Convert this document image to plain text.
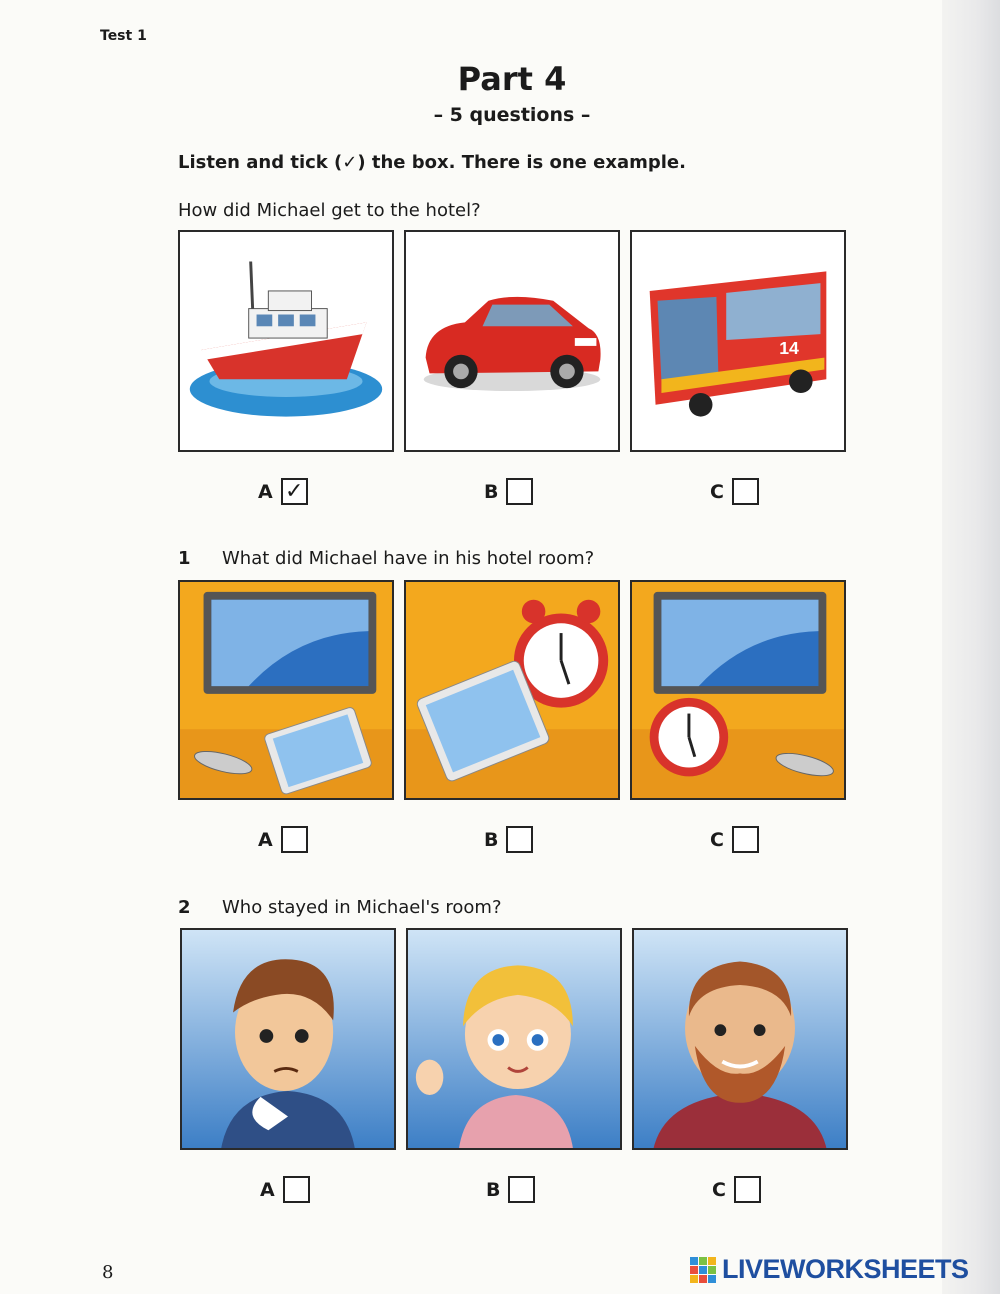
Test 1
Part 4
– 5 questions –
Listen and tick (✓) the box. There is one example.
How did Michael get to the hotel?
14
A ✓	B	C
1 What did Michael have in his hotel room?
A	B	C
2 Who stayed in Michael's room?
A	B	C
8	LIVEWORKSHEETS
